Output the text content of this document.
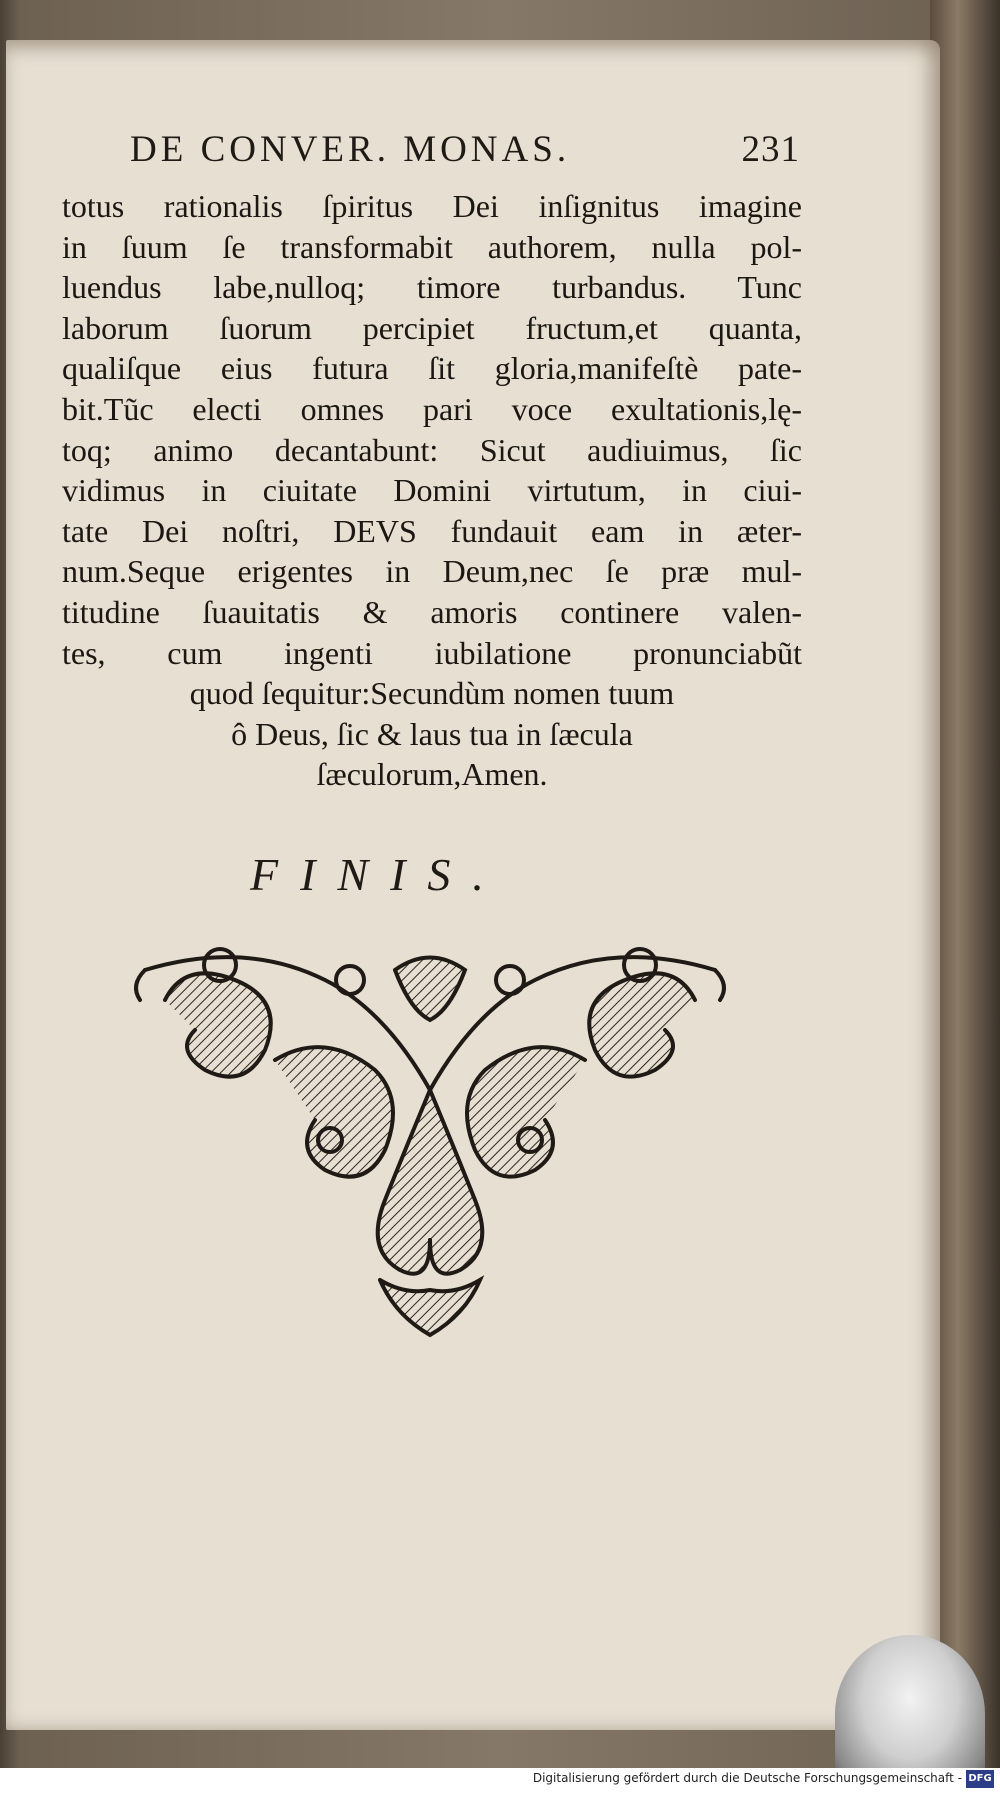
DE CONVER. MONAS.	231
totus rationalis ſpiritus Dei inſignitus imagine
in ſuum ſe transformabit authorem, nulla pol-
luendus labe,nulloq; timore turbandus. Tunc
laborum ſuorum percipiet fructum,et quanta,
qualiſque eius futura ſit gloria,manifeſtè pate-
bit.Tũc electi omnes pari voce exultationis,lę-
toq; animo decantabunt: Sicut audiuimus, ſic
vidimus in ciuitate Domini virtutum, in ciui-
tate Dei noſtri, DEVS fundauit eam in æter-
num.Seque erigentes in Deum,nec ſe præ mul-
titudine ſuauitatis & amoris continere valen-
tes, cum ingenti iubilatione pronunciabũt
quod ſequitur:Secundùm nomen tuum
ô Deus, ſic & laus tua in ſæcula
ſæculorum,Amen.
FINIS.
Digitalisierung gefördert durch die Deutsche Forschungsgemeinschaft - DFG
